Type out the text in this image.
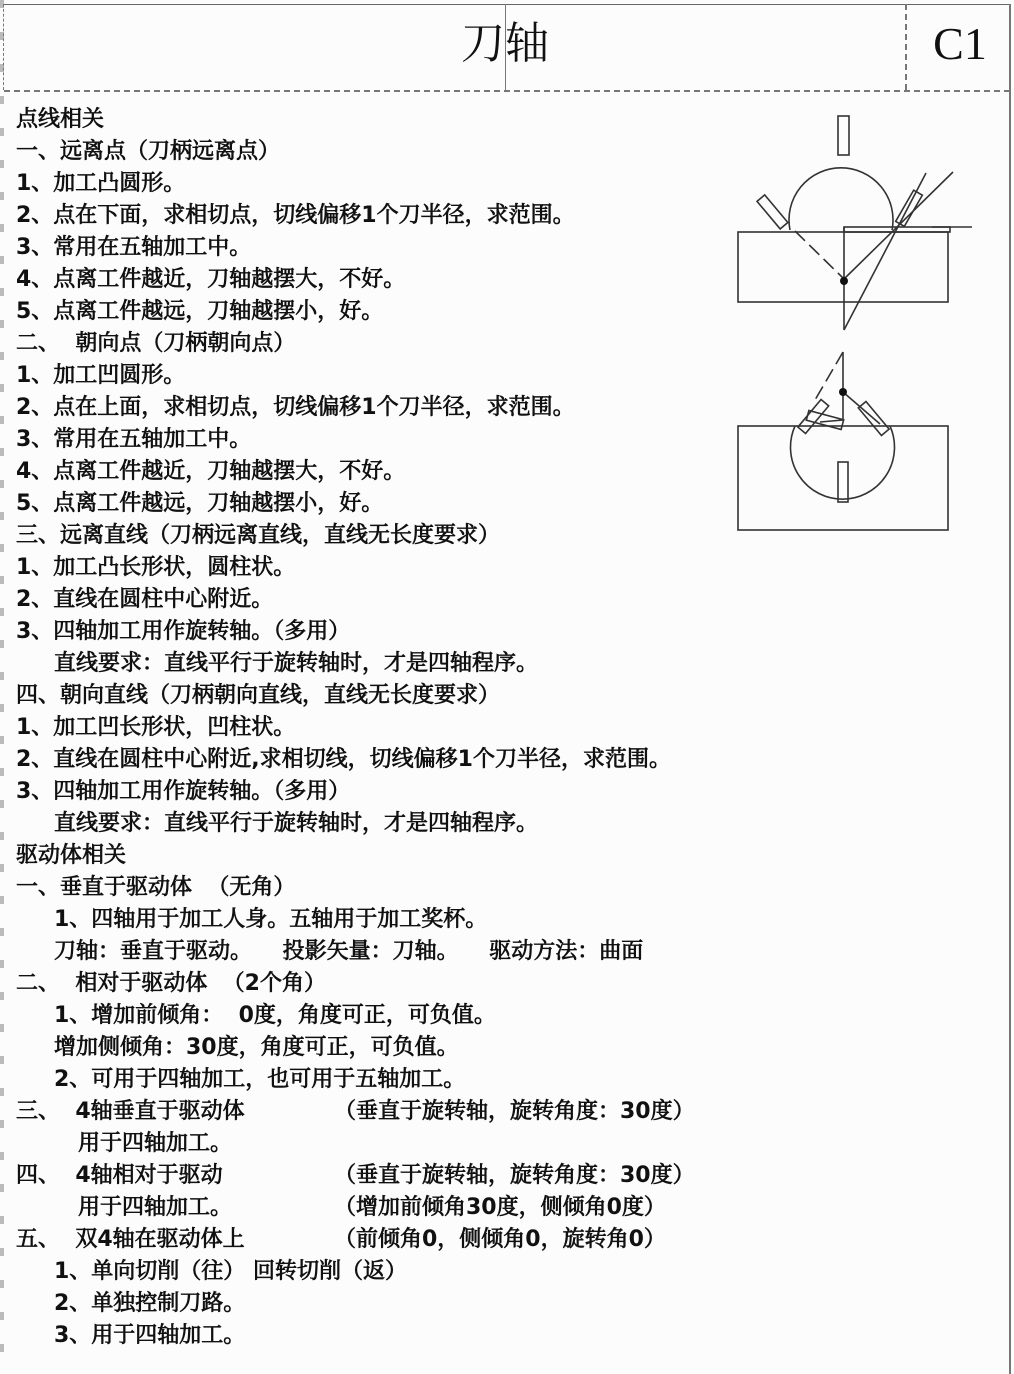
刀轴	C1
点线相关
一、远离点（刀柄远离点）
1、加工凸圆形。
2、点在下面，求相切点，切线偏移1个刀半径，求范围。
3、常用在五轴加工中。
4、点离工件越近，刀轴越摆大，不好。
5、点离工件越远，刀轴越摆小，好。
二、  朝向点（刀柄朝向点）
1、加工凹圆形。
2、点在上面，求相切点，切线偏移1个刀半径，求范围。
3、常用在五轴加工中。
4、点离工件越近，刀轴越摆大，不好。
5、点离工件越远，刀轴越摆小，好。
三、远离直线（刀柄远离直线，直线无长度要求）
1、加工凸长形状，圆柱状。
2、直线在圆柱中心附近。
3、四轴加工用作旋转轴。（多用）
直线要求：直线平行于旋转轴时，才是四轴程序。
四、朝向直线（刀柄朝向直线，直线无长度要求）
1、加工凹长形状，凹柱状。
2、直线在圆柱中心附近,求相切线，切线偏移1个刀半径，求范围。
3、四轴加工用作旋转轴。（多用）
直线要求：直线平行于旋转轴时，才是四轴程序。
驱动体相关
一、垂直于驱动体  （无角）
1、四轴用于加工人身。五轴用于加工奖杯。
刀轴：垂直于驱动。    投影矢量：刀轴。    驱动方法：曲面
二、  相对于驱动体  （2个角）
1、增加前倾角：  0度，角度可正，可负值。
增加侧倾角：30度，角度可正，可负值。
2、可用于四轴加工，也可用于五轴加工。
三、  4轴垂直于驱动体	（垂直于旋转轴，旋转角度：30度）
用于四轴加工。
四、  4轴相对于驱动	（垂直于旋转轴，旋转角度：30度）
用于四轴加工。	（增加前倾角30度，侧倾角0度）
五、  双4轴在驱动体上	（前倾角0，侧倾角0，旋转角0）
1、单向切削（往） 回转切削（返）
2、单独控制刀路。
3、用于四轴加工。
